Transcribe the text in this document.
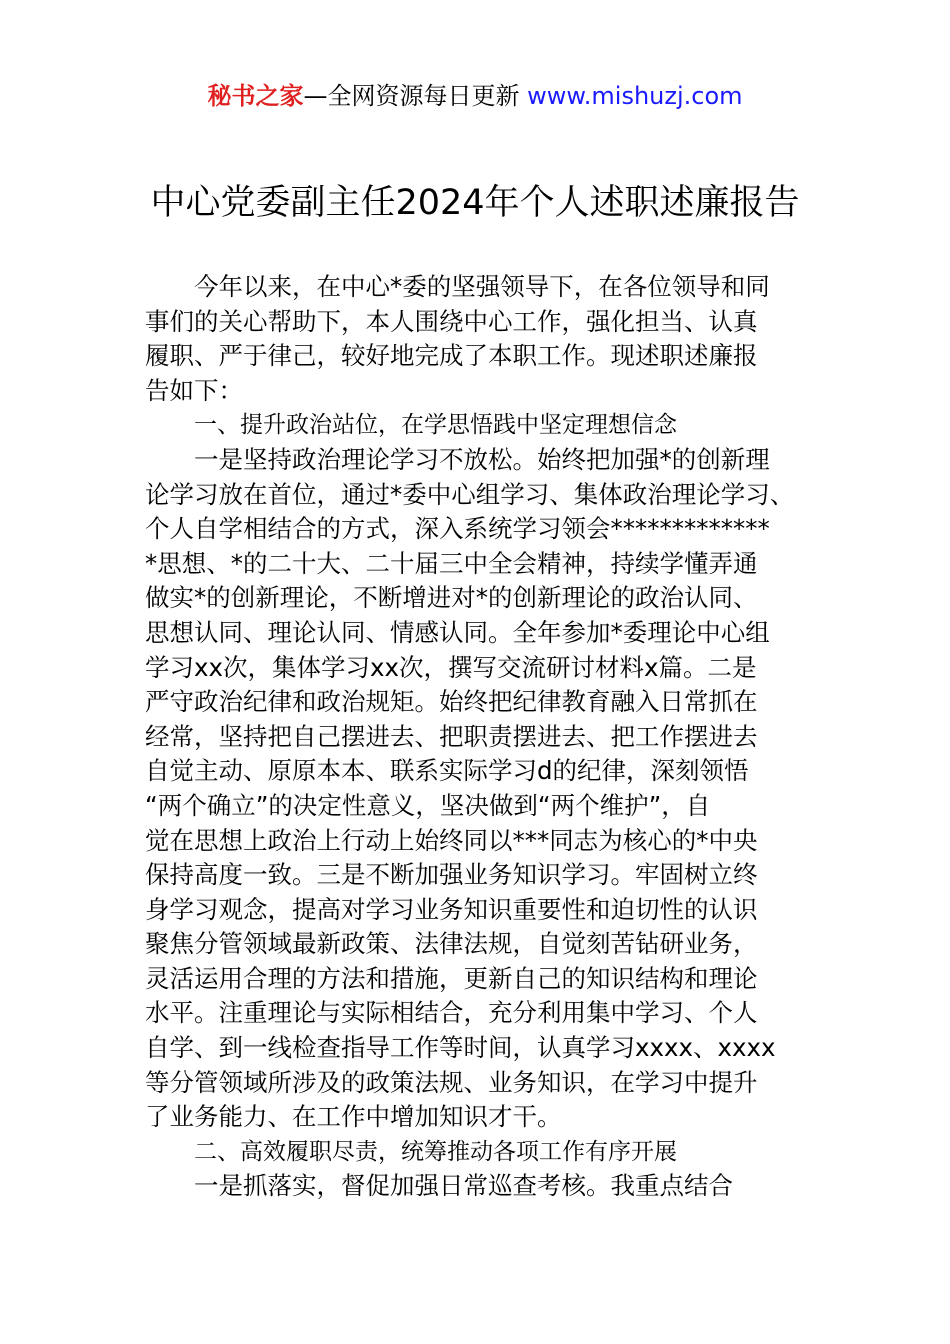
秘书之家—全网资源每日更新 www.mishuzj.com
中心党委副主任2024年个人述职述廉报告
今年以来，在中心*委的坚强领导下，在各位领导和同
事们的关心帮助下，本人围绕中心工作，强化担当、认真
履职、严于律己，较好地完成了本职工作。现述职述廉报
告如下：
一、提升政治站位，在学思悟践中坚定理想信念
一是坚持政治理论学习不放松。始终把加强*的创新理
论学习放在首位，通过*委中心组学习、集体政治理论学习、
个人自学相结合的方式，深入系统学习领会*************
*思想、*的二十大、二十届三中全会精神，持续学懂弄通
做实*的创新理论，不断增进对*的创新理论的政治认同、
思想认同、理论认同、情感认同。全年参加*委理论中心组
学习xx次，集体学习xx次，撰写交流研讨材料x篇。二是
严守政治纪律和政治规矩。始终把纪律教育融入日常抓在
经常，坚持把自己摆进去、把职责摆进去、把工作摆进去
自觉主动、原原本本、联系实际学习d的纪律，深刻领悟
“两个确立”的决定性意义，坚决做到“两个维护”，自
觉在思想上政治上行动上始终同以***同志为核心的*中央
保持高度一致。三是不断加强业务知识学习。牢固树立终
身学习观念，提高对学习业务知识重要性和迫切性的认识
聚焦分管领域最新政策、法律法规，自觉刻苦钻研业务，
灵活运用合理的方法和措施，更新自己的知识结构和理论
水平。注重理论与实际相结合，充分利用集中学习、个人
自学、到一线检查指导工作等时间，认真学习xxxx、xxxx
等分管领域所涉及的政策法规、业务知识，在学习中提升
了业务能力、在工作中增加知识才干。
二、高效履职尽责，统筹推动各项工作有序开展
一是抓落实，督促加强日常巡查考核。我重点结合
